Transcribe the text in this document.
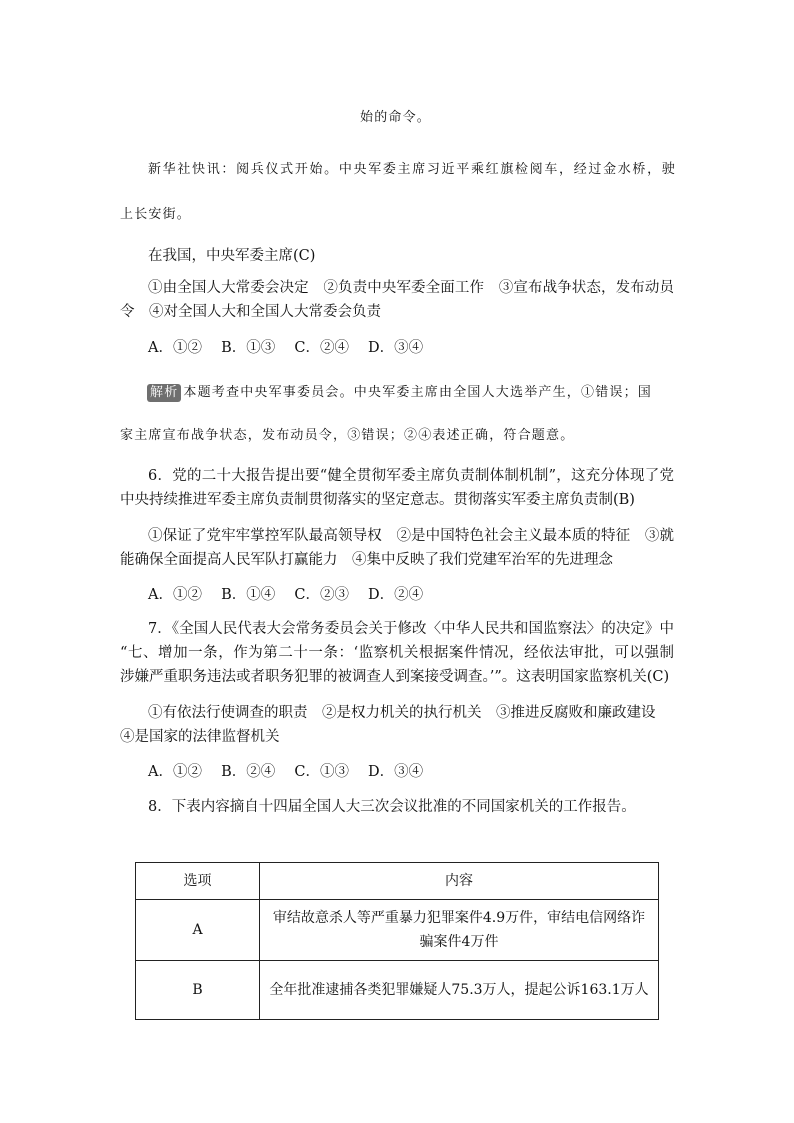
始的命令。
新华社快讯：阅兵仪式开始。中央军委主席习近平乘红旗检阅车，经过金水桥，驶
上长安街。
在我国，中央军委主席(C)
①由全国人大常委会决定　②负责中央军委全面工作　③宣布战争状态，发布动员
令　④对全国人大和全国人大常委会负责
A．①②　 B．①③　 C．②④　 D．③④
解析 本题考查中央军事委员会。中央军委主席由全国人大选举产生，①错误；国
家主席宣布战争状态，发布动员令，③错误；②④表述正确，符合题意。
6．党的二十大报告提出要“健全贯彻军委主席负责制体制机制”，这充分体现了党
中央持续推进军委主席负责制贯彻落实的坚定意志。贯彻落实军委主席负责制(B)
①保证了党牢牢掌控军队最高领导权　②是中国特色社会主义最本质的特征　③就
能确保全面提高人民军队打赢能力　④集中反映了我们党建军治军的先进理念
A．①②　 B．①④　 C．②③　 D．②④
7．《全国人民代表大会常务委员会关于修改〈中华人民共和国监察法〉的决定》中
“七、增加一条，作为第二十一条：‘监察机关根据案件情况，经依法审批，可以强制
涉嫌严重职务违法或者职务犯罪的被调查人到案接受调查。’”。这表明国家监察机关(C)
①有依法行使调查的职责　②是权力机关的执行机关　③推进反腐败和廉政建设
④是国家的法律监督机关
A．①②　 B．②④　 C．①③　 D．③④
8．下表内容摘自十四届全国人大三次会议批准的不同国家机关的工作报告。
选项	内容
A	审结故意杀人等严重暴力犯罪案件4.9万件，审结电信网络诈骗案件4万件
B	全年批准逮捕各类犯罪嫌疑人75.3万人，提起公诉163.1万人
